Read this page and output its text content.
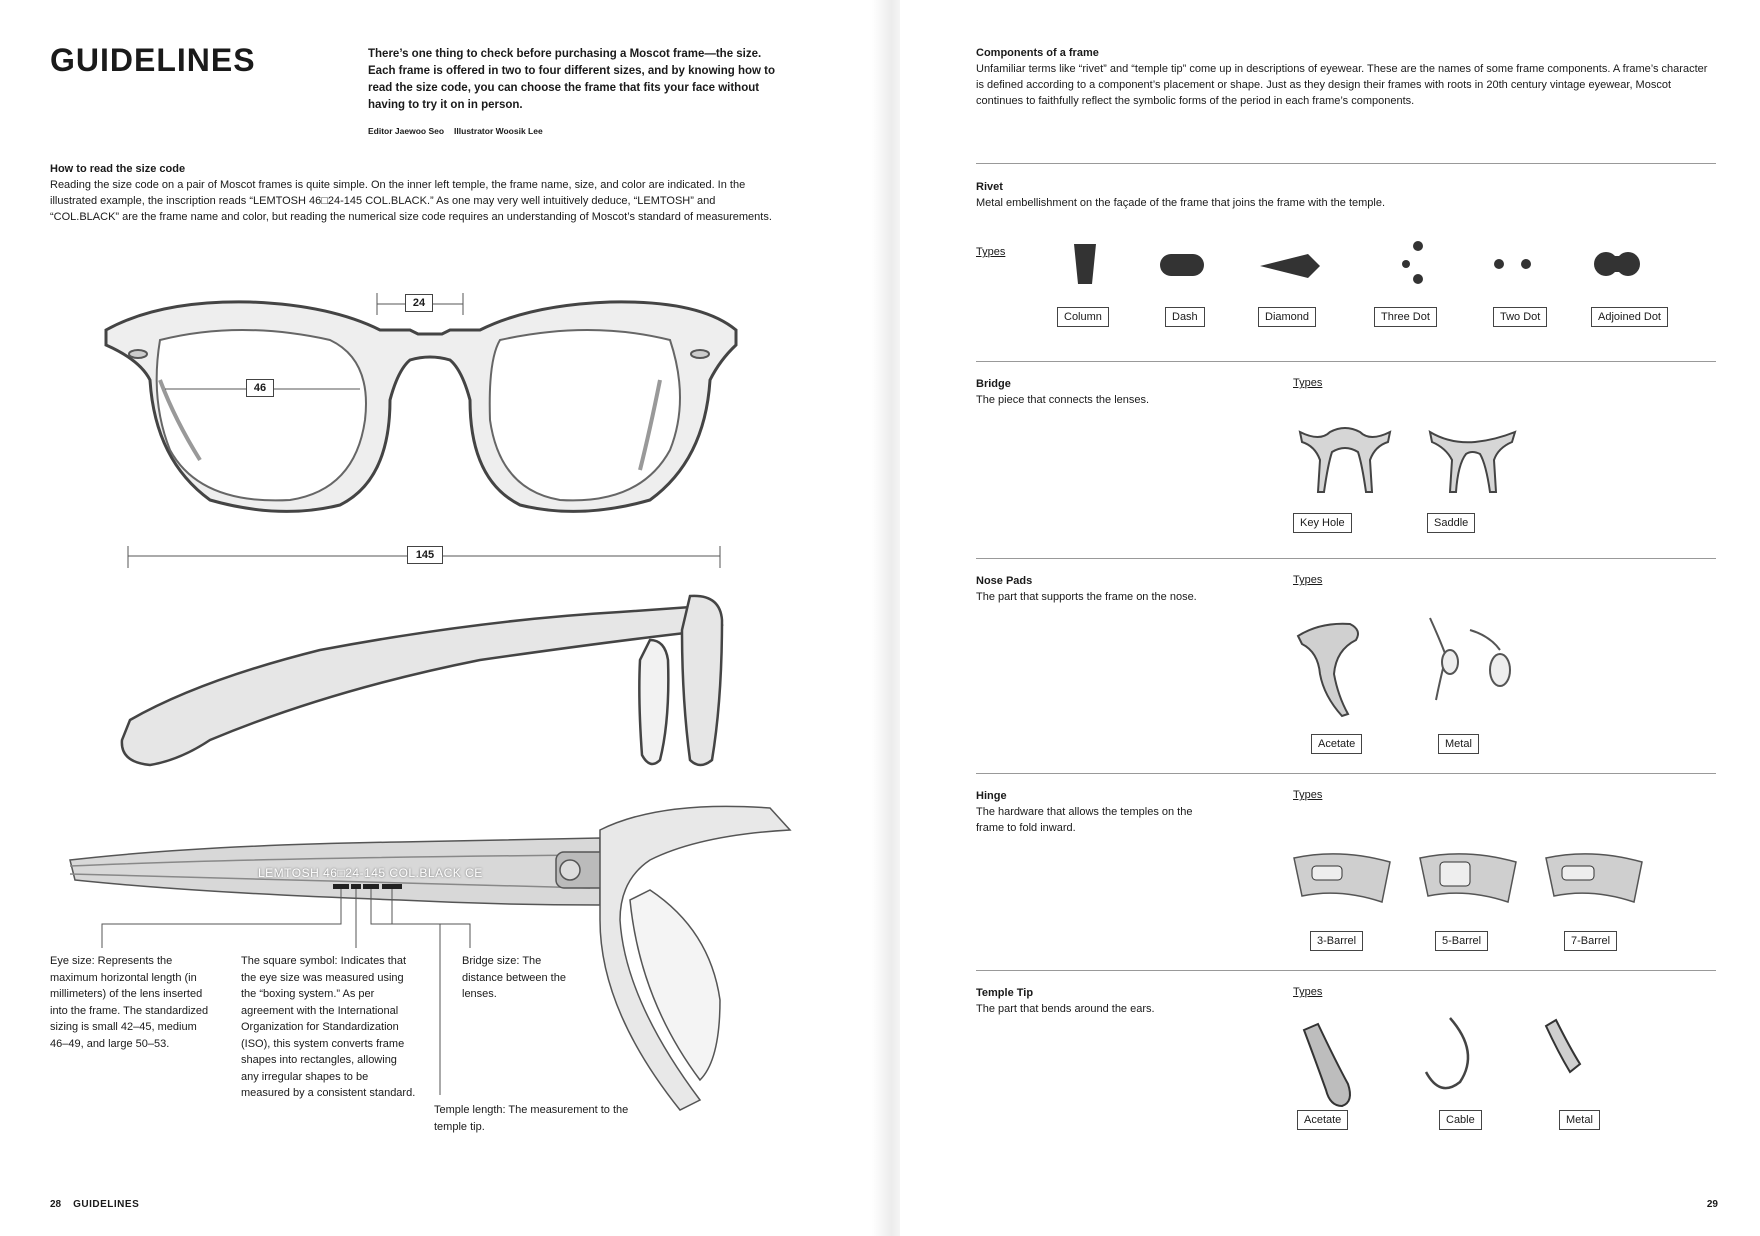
GUIDELINES	There’s one thing to check before purchasing a Moscot frame—the size. Each frame is offered in two to four different sizes, and by knowing how to read the size code, you can choose the frame that fits your face without having to try it on in person.

Editor Jaewoo Seo Illustrator Woosik Lee

How to read the size code

Reading the size code on a pair of Moscot frames is quite simple. On the inner left temple, the frame name, size, and color are indicated. In the illustrated example, the inscription reads “LEMTOSH 46□24-145 COL.BLACK.” As one may very well intuitively deduce, “LEMTOSH” and “COL.BLACK” are the frame name and color, but reading the numerical size code requires an understanding of Moscot’s standard of measurements.

24
46
145
LEMTOSH 46□24-145 COL.BLACK CE

Eye size: Represents the maximum horizontal length (in millimeters) of the lens inserted into the frame. The standardized sizing is small 42–45, medium 46–49, and large 50–53.

The square symbol: Indicates that the eye size was measured using the “boxing system.” As per agreement with the International Organization for Standardization (ISO), this system converts frame shapes into rectangles, allowing any irregular shapes to be measured by a consistent standard.

Bridge size: The distance between the lenses.

Temple length: The measurement to the temple tip.

28 GUIDELINES

Components of a frame

Unfamiliar terms like “rivet” and “temple tip” come up in descriptions of eyewear. These are the names of some frame components. A frame’s character is defined according to a component’s placement or shape. Just as they design their frames with roots in 20th century vintage eyewear, Moscot continues to faithfully reflect the symbolic forms of the period in each frame’s components.

Rivet

Metal embellishment on the façade of the frame that joins the frame with the temple.

Types
Column	Dash	Diamond	Three Dot	Two Dot	Adjoined Dot

Bridge

The piece that connects the lenses.

Types
Key Hole	Saddle

Nose Pads

The part that supports the frame on the nose.

Types
Acetate	Metal

Hinge

The hardware that allows the temples on the frame to fold inward.

Types
3-Barrel	5-Barrel	7-Barrel

Temple Tip

The part that bends around the ears.

Types
Acetate	Cable	Metal
29
